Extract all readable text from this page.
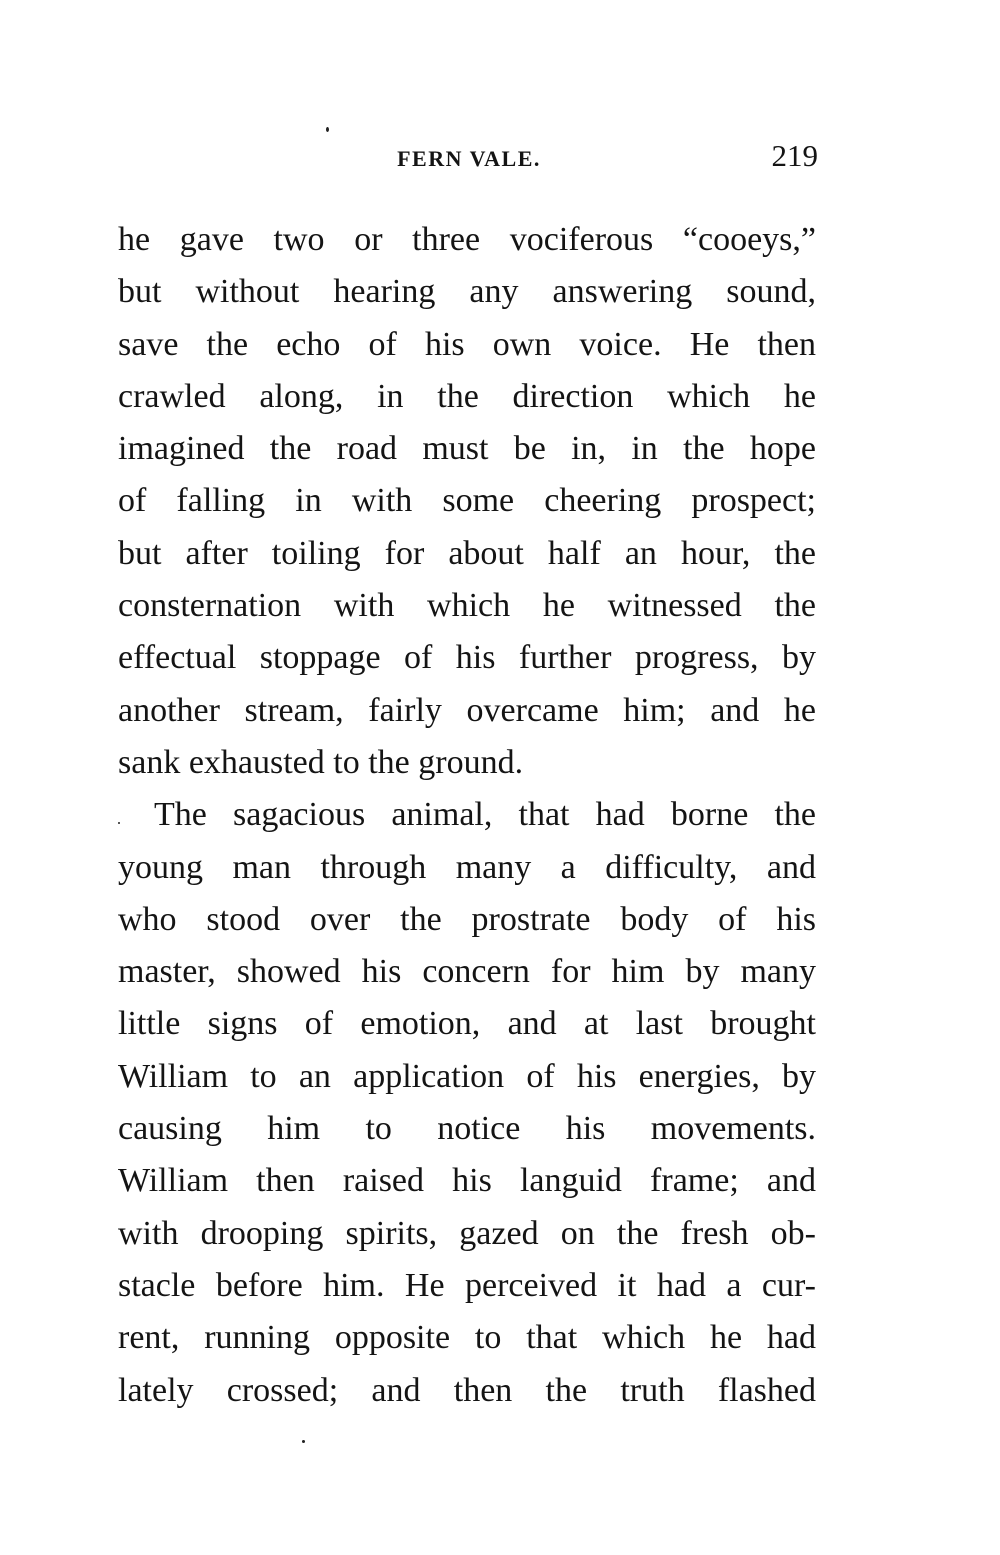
FERN VALE.	219
he gave two or three vociferous “cooeys,”
but without hearing any answering sound,
save the echo of his own voice. He then
crawled along, in the direction which he
imagined the road must be in, in the hope
of falling in with some cheering prospect;
but after toiling for about half an hour, the
consternation with which he witnessed the
effectual stoppage of his further progress, by
another stream, fairly overcame him; and he
sank exhausted to the ground.
The sagacious animal, that had borne the
young man through many a difficulty, and
who stood over the prostrate body of his
master, showed his concern for him by many
little signs of emotion, and at last brought
William to an application of his energies, by
causing him to notice his movements.
William then raised his languid frame; and
with drooping spirits, gazed on the fresh ob-
stacle before him. He perceived it had a cur-
rent, running opposite to that which he had
lately crossed; and then the truth flashed
